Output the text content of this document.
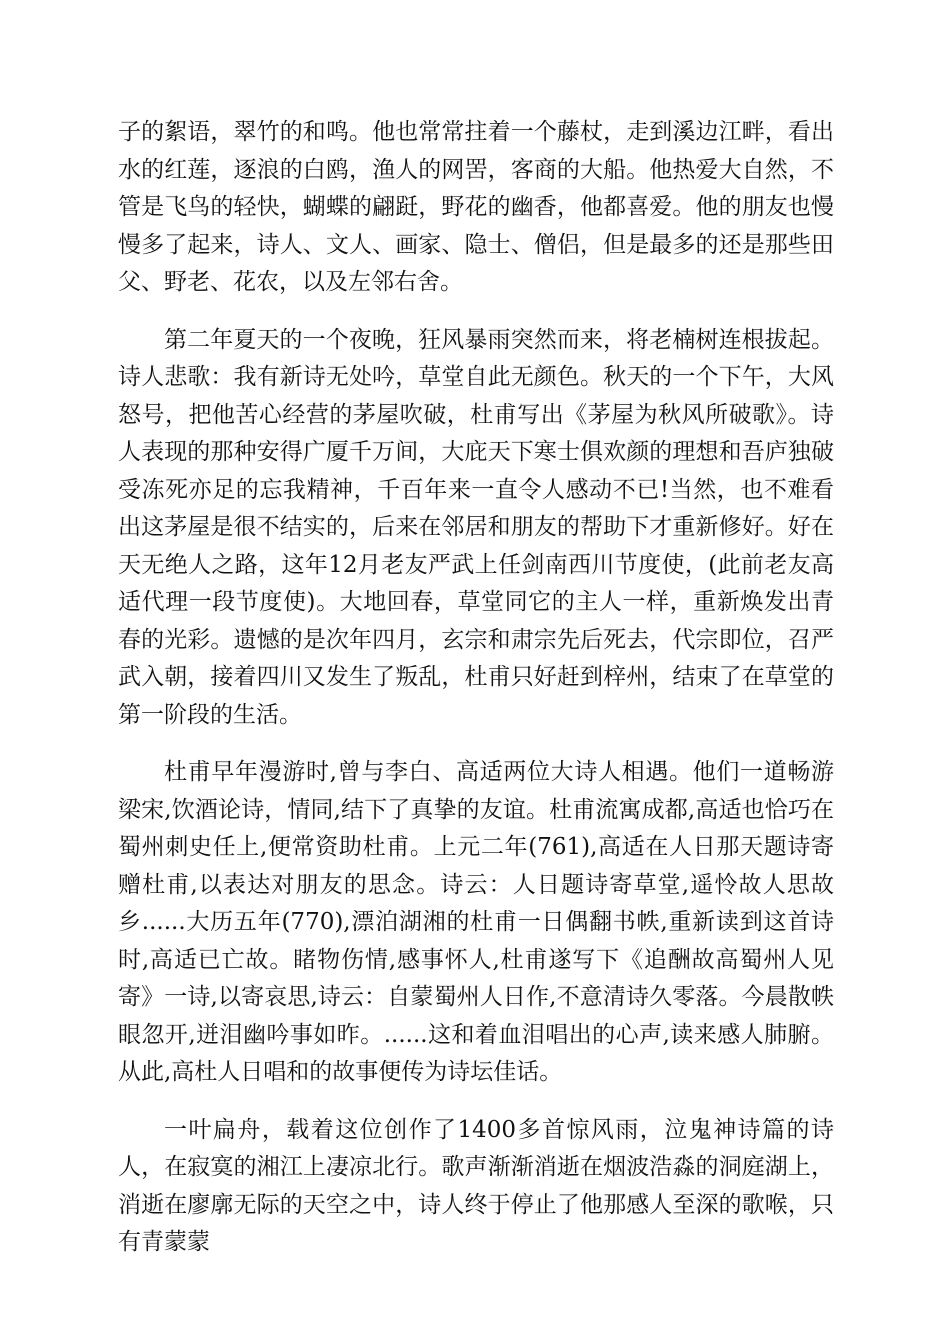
子的絮语，翠竹的和鸣。他也常常拄着一个藤杖，走到溪边江畔，看出水的红莲，逐浪的白鸥，渔人的网罟，客商的大船。他热爱大自然，不管是飞鸟的轻快，蝴蝶的翩跹，野花的幽香，他都喜爱。他的朋友也慢慢多了起来，诗人、文人、画家、隐士、僧侣，但是最多的还是那些田父、野老、花农，以及左邻右舍。

第二年夏天的一个夜晚，狂风暴雨突然而来，将老楠树连根拔起。诗人悲歌：我有新诗无处吟，草堂自此无颜色。秋天的一个下午，大风怒号，把他苦心经营的茅屋吹破，杜甫写出《茅屋为秋风所破歌》。诗人表现的那种安得广厦千万间，大庇天下寒士俱欢颜的理想和吾庐独破受冻死亦足的忘我精神，千百年来一直令人感动不已!当然，也不难看出这茅屋是很不结实的，后来在邻居和朋友的帮助下才重新修好。好在天无绝人之路，这年12月老友严武上任剑南西川节度使，(此前老友高适代理一段节度使)。大地回春，草堂同它的主人一样，重新焕发出青春的光彩。遗憾的是次年四月，玄宗和肃宗先后死去，代宗即位，召严武入朝，接着四川又发生了叛乱，杜甫只好赶到梓州，结束了在草堂的第一阶段的生活。

杜甫早年漫游时,曾与李白、高适两位大诗人相遇。他们一道畅游梁宋,饮酒论诗，情同,结下了真挚的友谊。杜甫流寓成都,高适也恰巧在蜀州刺史任上,便常资助杜甫。上元二年(761),高适在人日那天题诗寄赠杜甫,以表达对朋友的思念。诗云：人日题诗寄草堂,遥怜故人思故乡......大历五年(770),漂泊湖湘的杜甫一日偶翻书帙,重新读到这首诗时,高适已亡故。睹物伤情,感事怀人,杜甫遂写下《追酬故高蜀州人见寄》一诗,以寄哀思,诗云：自蒙蜀州人日作,不意清诗久零落。今晨散帙眼忽开,迸泪幽吟事如昨。......这和着血泪唱出的心声,读来感人肺腑。从此,高杜人日唱和的故事便传为诗坛佳话。

一叶扁舟，载着这位创作了1400多首惊风雨，泣鬼神诗篇的诗人，在寂寞的湘江上凄凉北行。歌声渐渐消逝在烟波浩淼的洞庭湖上，消逝在廖廓无际的天空之中，诗人终于停止了他那感人至深的歌喉，只有青蒙蒙
